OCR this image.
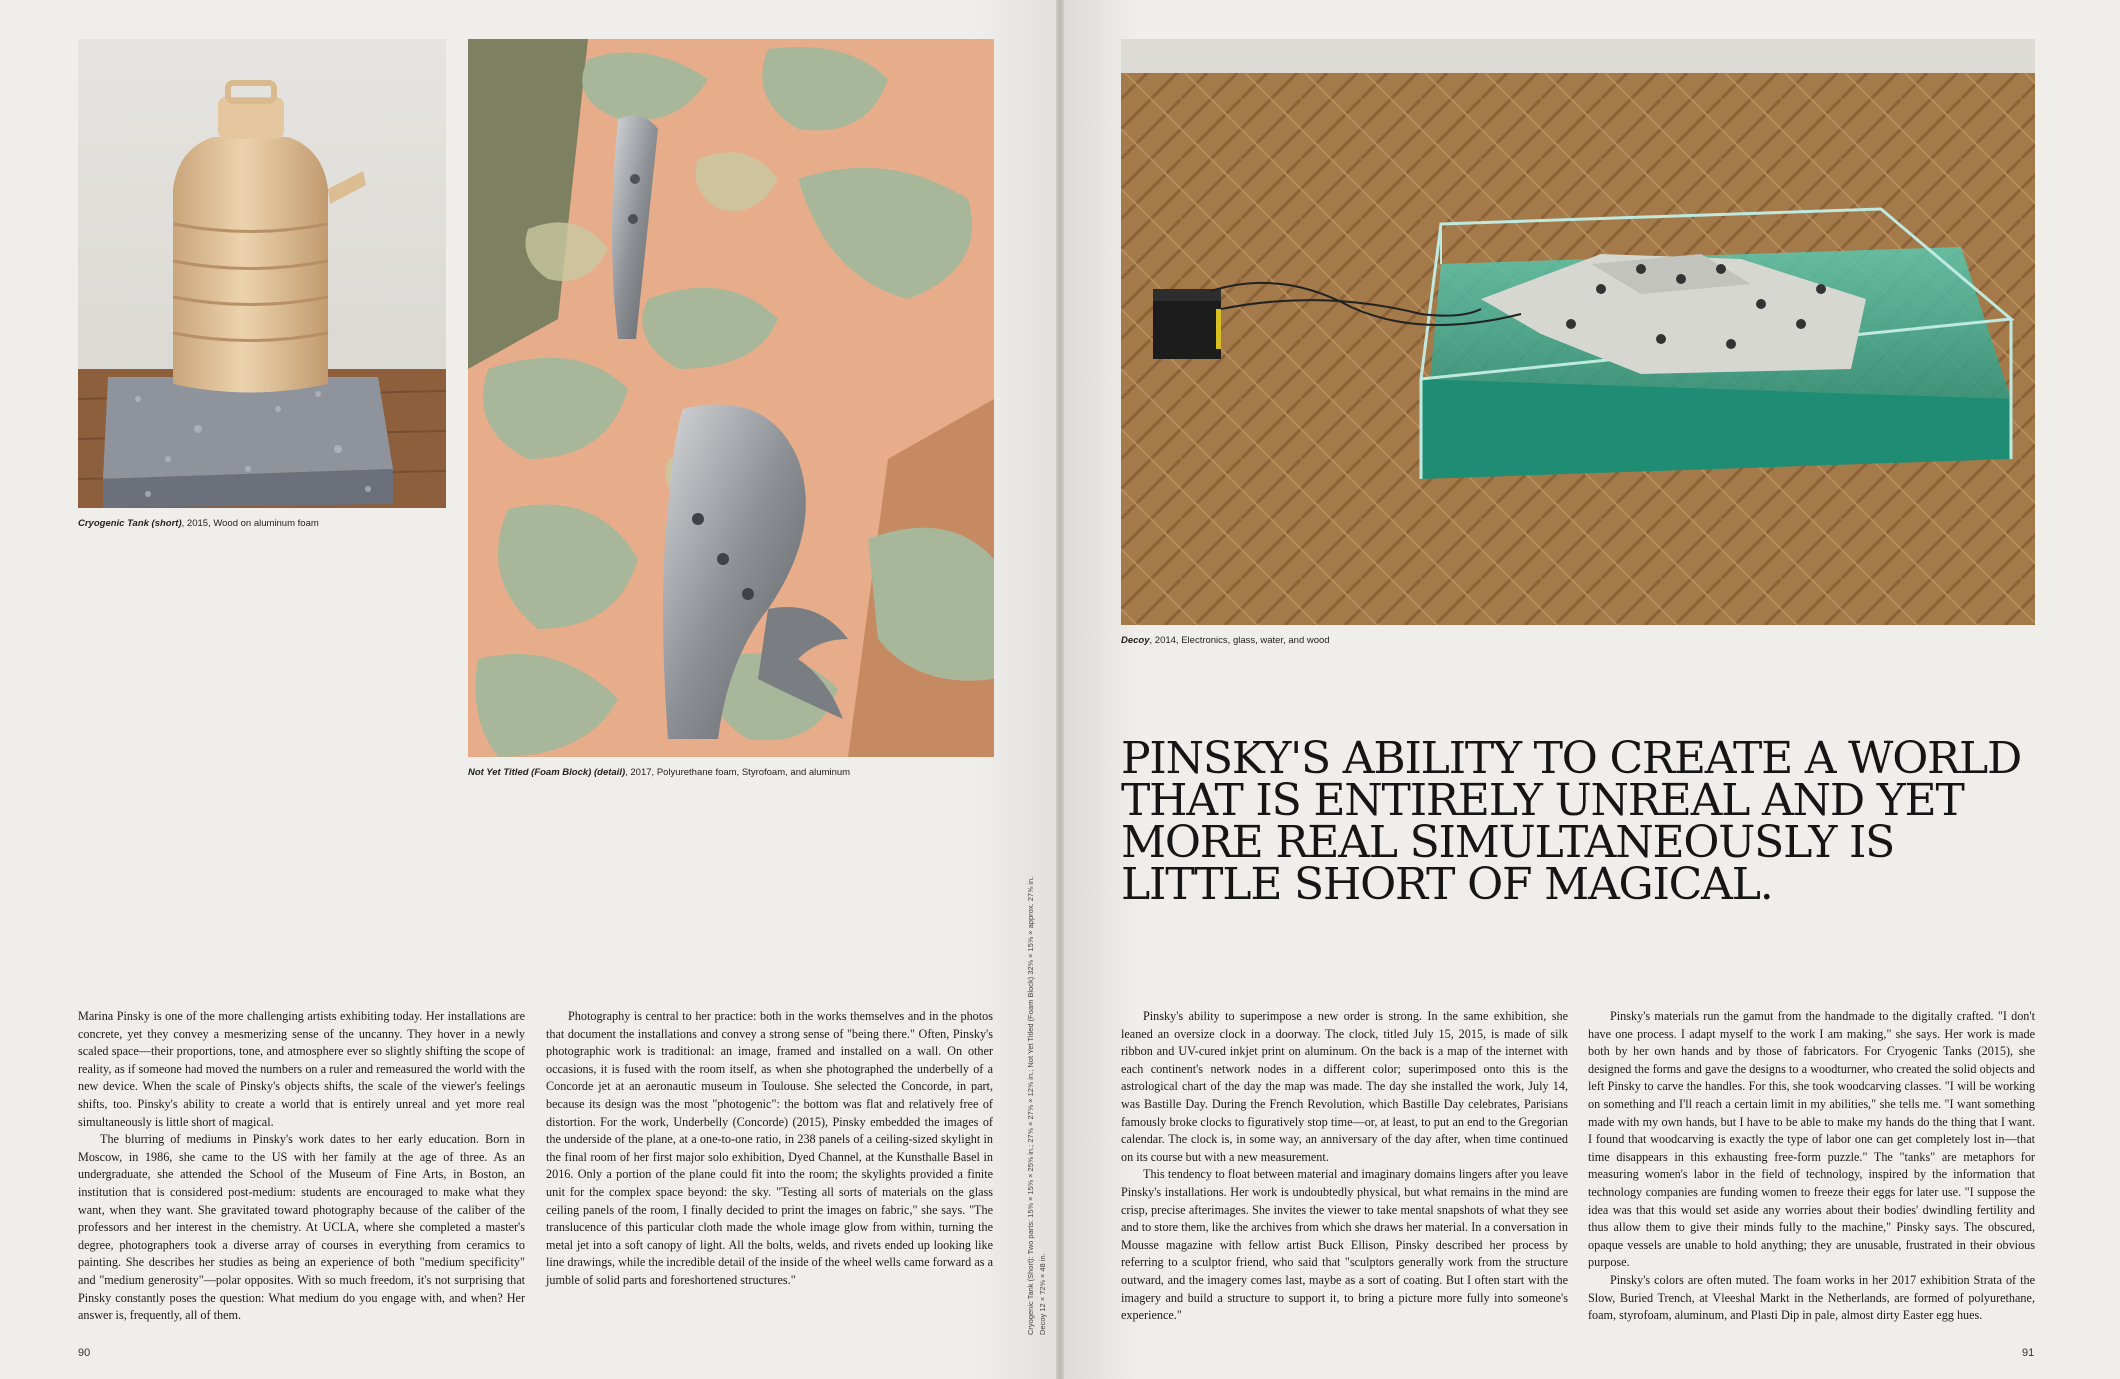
Cryogenic Tank (short), 2015, Wood on aluminum foam
Not Yet Titled (Foam Block) (detail), 2017, Polyurethane foam, Styrofoam, and aluminum
Decoy, 2014, Electronics, glass, water, and wood
PINSKY'S ABILITY TO CREATE A WORLD THAT IS ENTIRELY UNREAL AND YET MORE REAL SIMULTANEOUSLY IS LITTLE SHORT OF MAGICAL.

Marina Pinsky is one of the more challenging artists exhibiting today. Her installations are concrete, yet they convey a mesmerizing sense of the uncanny. They hover in a newly scaled space—their proportions, tone, and atmosphere ever so slightly shifting the scope of reality, as if someone had moved the numbers on a ruler and remeasured the world with the new device. When the scale of Pinsky's objects shifts, the scale of the viewer's feelings shifts, too. Pinsky's ability to create a world that is entirely unreal and yet more real simultaneously is little short of magical.

The blurring of mediums in Pinsky's work dates to her early education. Born in Moscow, in 1986, she came to the US with her family at the age of three. As an undergraduate, she attended the School of the Museum of Fine Arts, in Boston, an institution that is considered post-medium: students are encouraged to make what they want, when they want. She gravitated toward photography because of the caliber of the professors and her interest in the chemistry. At UCLA, where she completed a master's degree, photographers took a diverse array of courses in everything from ceramics to painting. She describes her studies as being an experience of both "medium specificity" and "medium generosity"—polar opposites. With so much freedom, it's not surprising that Pinsky constantly poses the question: What medium do you engage with, and when? Her answer is, frequently, all of them.

Photography is central to her practice: both in the works themselves and in the photos that document the installations and convey a strong sense of "being there." Often, Pinsky's photographic work is traditional: an image, framed and installed on a wall. On other occasions, it is fused with the room itself, as when she photographed the underbelly of a Concorde jet at an aeronautic museum in Toulouse. She selected the Concorde, in part, because its design was the most "photogenic": the bottom was flat and relatively free of distortion. For the work, Underbelly (Concorde) (2015), Pinsky embedded the images of the underside of the plane, at a one-to-one ratio, in 238 panels of a ceiling-sized skylight in the final room of her first major solo exhibition, Dyed Channel, at the Kunsthalle Basel in 2016. Only a portion of the plane could fit into the room; the skylights provided a finite unit for the complex space beyond: the sky. "Testing all sorts of materials on the glass ceiling panels of the room, I finally decided to print the images on fabric," she says. "The translucence of this particular cloth made the whole image glow from within, turning the metal jet into a soft canopy of light. All the bolts, welds, and rivets ended up looking like line drawings, while the incredible detail of the inside of the wheel wells came forward as a jumble of solid parts and foreshortened structures."

Pinsky's ability to superimpose a new order is strong. In the same exhibition, she leaned an oversize clock in a doorway. The clock, titled July 15, 2015, is made of silk ribbon and UV-cured inkjet print on aluminum. On the back is a map of the internet with each continent's network nodes in a different color; superimposed onto this is the astrological chart of the day the map was made. The day she installed the work, July 14, was Bastille Day. During the French Revolution, which Bastille Day celebrates, Parisians famously broke clocks to figuratively stop time—or, at least, to put an end to the Gregorian calendar. The clock is, in some way, an anniversary of the day after, when time continued on its course but with a new measurement.

This tendency to float between material and imaginary domains lingers after you leave Pinsky's installations. Her work is undoubtedly physical, but what remains in the mind are crisp, precise afterimages. She invites the viewer to take mental snapshots of what they see and to store them, like the archives from which she draws her material. In a conversation in Mousse magazine with fellow artist Buck Ellison, Pinsky described her process by referring to a sculptor friend, who said that "sculptors generally work from the structure outward, and the imagery comes last, maybe as a sort of coating. But I often start with the imagery and build a structure to support it, to bring a picture more fully into someone's experience."

Pinsky's materials run the gamut from the handmade to the digitally crafted. "I don't have one process. I adapt myself to the work I am making," she says. Her work is made both by her own hands and by those of fabricators. For Cryogenic Tanks (2015), she designed the forms and gave the designs to a woodturner, who created the solid objects and left Pinsky to carve the handles. For this, she took woodcarving classes. "I will be working on something and I'll reach a certain limit in my abilities," she tells me. "I want something made with my own hands, but I have to be able to make my hands do the thing that I want. I found that woodcarving is exactly the type of labor one can get completely lost in—that time disappears in this exhausting free-form puzzle." The "tanks" are metaphors for measuring women's labor in the field of technology, inspired by the information that technology companies are funding women to freeze their eggs for later use. "I suppose the idea was that this would set aside any worries about their bodies' dwindling fertility and thus allow them to give their minds fully to the machine," Pinsky says. The obscured, opaque vessels are unable to hold anything; they are unusable, frustrated in their obvious purpose.

Pinsky's colors are often muted. The foam works in her 2017 exhibition Strata of the Slow, Buried Trench, at Vleeshal Markt in the Netherlands, are formed of polyurethane, foam, styrofoam, aluminum, and Plasti Dip in pale, almost dirty Easter egg hues.

Cryogenic Tank (Short): Two parts: 15⅝ × 15⅝ × 25⅝ in.; 27⅝ × 27⅝ × 12⅝ in.; Not Yet Titled (Foam Block) 32⅝ × 15⅝ × approx. 27⅝ in. Decoy 12 × 72⅝ × 48 in.
90	91
